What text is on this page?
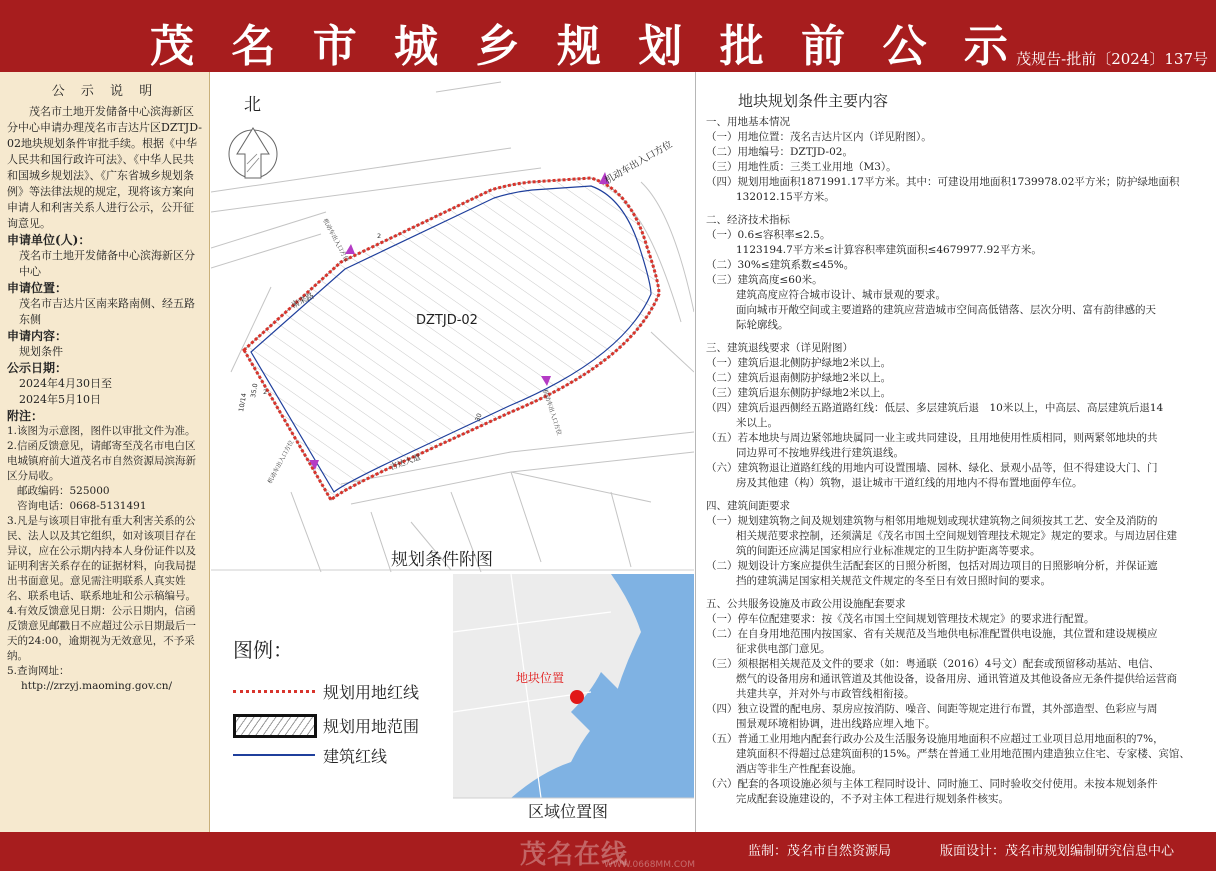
茂 名 市 城 乡 规 划 批 前 公 示 茂规告-批前〔2024〕137号
公 示 说 明

茂名市土地开发储备中心滨海新区分中心申请办理茂名市吉达片区DZTJD-02地块规划条件审批手续。根据《中华人民共和国行政许可法》、《中华人民共和国城乡规划法》、《广东省城乡规划条例》等法律法规的规定，现将该方案向申请人和利害关系人进行公示，公开征询意见。

申请单位(人)：

茂名市土地开发储备中心滨海新区分中心

申请位置：

茂名市吉达片区南来路南侧、经五路东侧

申请内容：

规划条件

公示日期：

2024年4月30日至

2024年5月10日

附注：

1.该图为示意图，图件以审批文件为准。

2.信函反馈意见，请邮寄至茂名市电白区电城镇府前大道茂名市自然资源局滨海新区分局收。

邮政编码：525000

咨询电话：0668-5131491

3.凡是与该项目审批有重大利害关系的公民、法人以及其它组织，如对该项目存在异议，应在公示期内持本人身份证件以及证明利害关系存在的证据材料，向我局提出书面意见。意见需注明联系人真实姓名、联系电话、联系地址和公示稿编号。

4.有效反馈意见日期：公示日期内，信函反馈意见邮戳日不应超过公示日期最后一天的24:00，逾期视为无效意见，不予采纳。

5.查询网址：

http://zrzyj.maoming.gov.cn/

北
DZTJD-02
机动车出入口方位
机动车出入口方位
机动车出入口方位
机动车出入口方位
南来路
吉达大道
10/14
35.0 2
2
30
地块位置
规划条件附图
区域位置图
图例：
规划用地红线
规划用地范围
建筑红线
地块规划条件主要内容

一、用地基本情况

（一）用地位置：茂名吉达片区内（详见附图）。

（二）用地编号：DZTJD-02。

（三）用地性质：三类工业用地（M3）。

（四）规划用地面积1871991.17平方米。其中：可建设用地面积1739978.02平方米；防护绿地面积

132012.15平方米。

二、经济技术指标

（一）0.6≤容积率≤2.5。

1123194.7平方米≤计算容积率建筑面积≤4679977.92平方米。

（二）30%≤建筑系数≤45%。

（三）建筑高度≤60米。

建筑高度应符合城市设计、城市景观的要求。

面向城市开敞空间或主要道路的建筑应营造城市空间高低错落、层次分明、富有韵律感的天

际轮廓线。

三、建筑退线要求（详见附图）

（一）建筑后退北侧防护绿地2米以上。

（二）建筑后退南侧防护绿地2米以上。

（三）建筑后退东侧防护绿地2米以上。

（四）建筑后退西侧经五路道路红线：低层、多层建筑后退　10米以上，中高层、高层建筑后退14

米以上。

（五）若本地块与周边紧邻地块属同一业主或共同建设，且用地使用性质相同，则两紧邻地块的共

同边界可不按地界线进行建筑退线。

（六）建筑物退让道路红线的用地内可设置围墙、园林、绿化、景观小品等，但不得建设大门、门

房及其他建（构）筑物，退让城市干道红线的用地内不得布置地面停车位。

四、建筑间距要求

（一）规划建筑物之间及规划建筑物与相邻用地规划或现状建筑物之间须按其工艺、安全及消防的

相关规范要求控制，还须满足《茂名市国土空间规划管理技术规定》规定的要求。与周边居住建

筑的间距还应满足国家相应行业标准规定的卫生防护距离等要求。

（二）规划设计方案应提供生活配套区的日照分析图，包括对周边项目的日照影响分析，并保证遮

挡的建筑满足国家相关规范文件规定的冬至日有效日照时间的要求。

五、公共服务设施及市政公用设施配套要求

（一）停车位配建要求：按《茂名市国土空间规划管理技术规定》的要求进行配置。

（二）在自身用地范围内按国家、省有关规范及当地供电标准配置供电设施，其位置和建设规模应

征求供电部门意见。

（三）须根据相关规范及文件的要求（如：粤通联（2016）4号文）配套或预留移动基站、电信、

燃气的设备用房和通讯管道及其他设备，设备用房、通讯管道及其他设备应无条件提供给运营商

共建共享，并对外与市政管线相衔接。

（四）独立设置的配电房、泵房应按消防、噪音、间距等规定进行布置，其外部造型、色彩应与周

围景观环境相协调，进出线路应埋入地下。

（五）普通工业用地内配套行政办公及生活服务设施用地面积不应超过工业项目总用地面积的7%，

建筑面积不得超过总建筑面积的15%。严禁在普通工业用地范围内建造独立住宅、专家楼、宾馆、

酒店等非生产性配套设施。

（六）配套的各项设施必须与主体工程同时设计、同时施工、同时验收交付使用。未按本规划条件

完成配套设施建设的，不予对主体工程进行规划条件核实。

茂名在线
WWW.0668MM.COM
监制：茂名市自然资源局	版面设计：茂名市规划编制研究信息中心
